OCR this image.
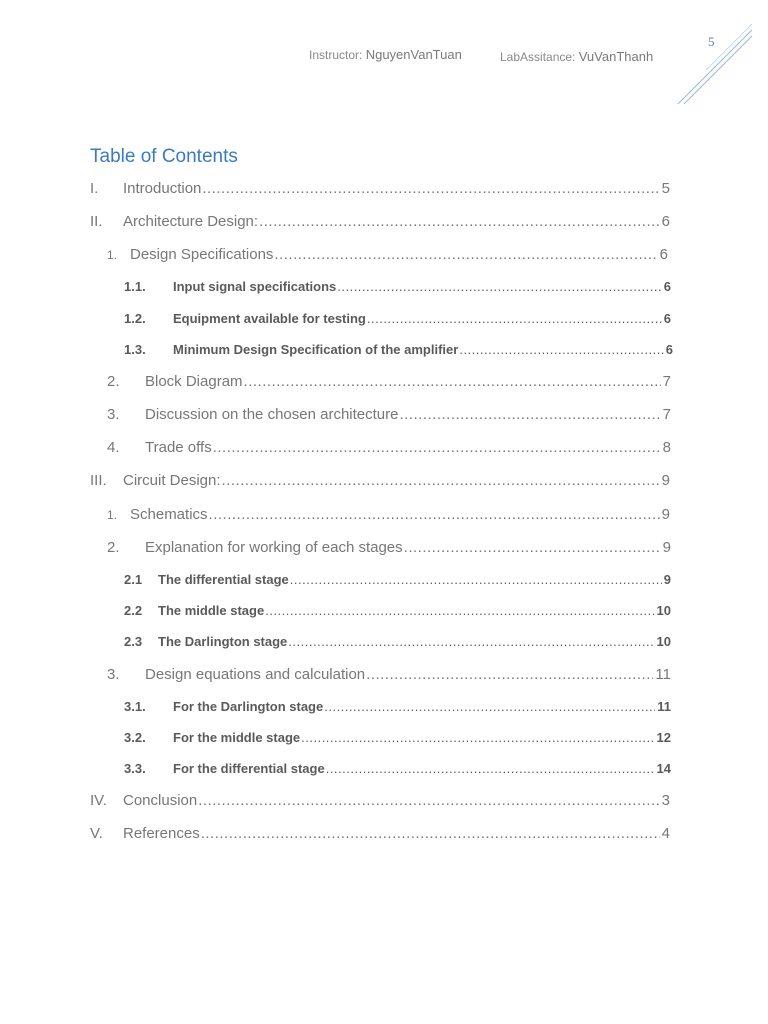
Instructor: NguyenVanTuan	LabAssitance: VuVanThanh
5
Table of Contents
I.	Introduction .....	5
II.	Architecture Design: .....	6
1. Design Specifications .....	6
1.1.	Input signal specifications .....	6
1.2.	Equipment available for testing .....	6
1.3.	Minimum Design Specification of the amplifier .....	6
2.	Block Diagram .....	7
3.	Discussion on the chosen architecture .....	7
4.	Trade offs .....	8
III.	Circuit Design: .....	9
1. Schematics .....	9
2.	Explanation for working of each stages .....	9
2.1	The differential stage .....	9
2.2	The middle stage .....	10
2.3	The Darlington stage .....	10
3.	Design equations and calculation .....	11
3.1.	For the Darlington stage .....	11
3.2.	For the middle stage .....	12
3.3.	For the differential stage .....	14
IV.	Conclusion .....	3
V.	References .....	4
